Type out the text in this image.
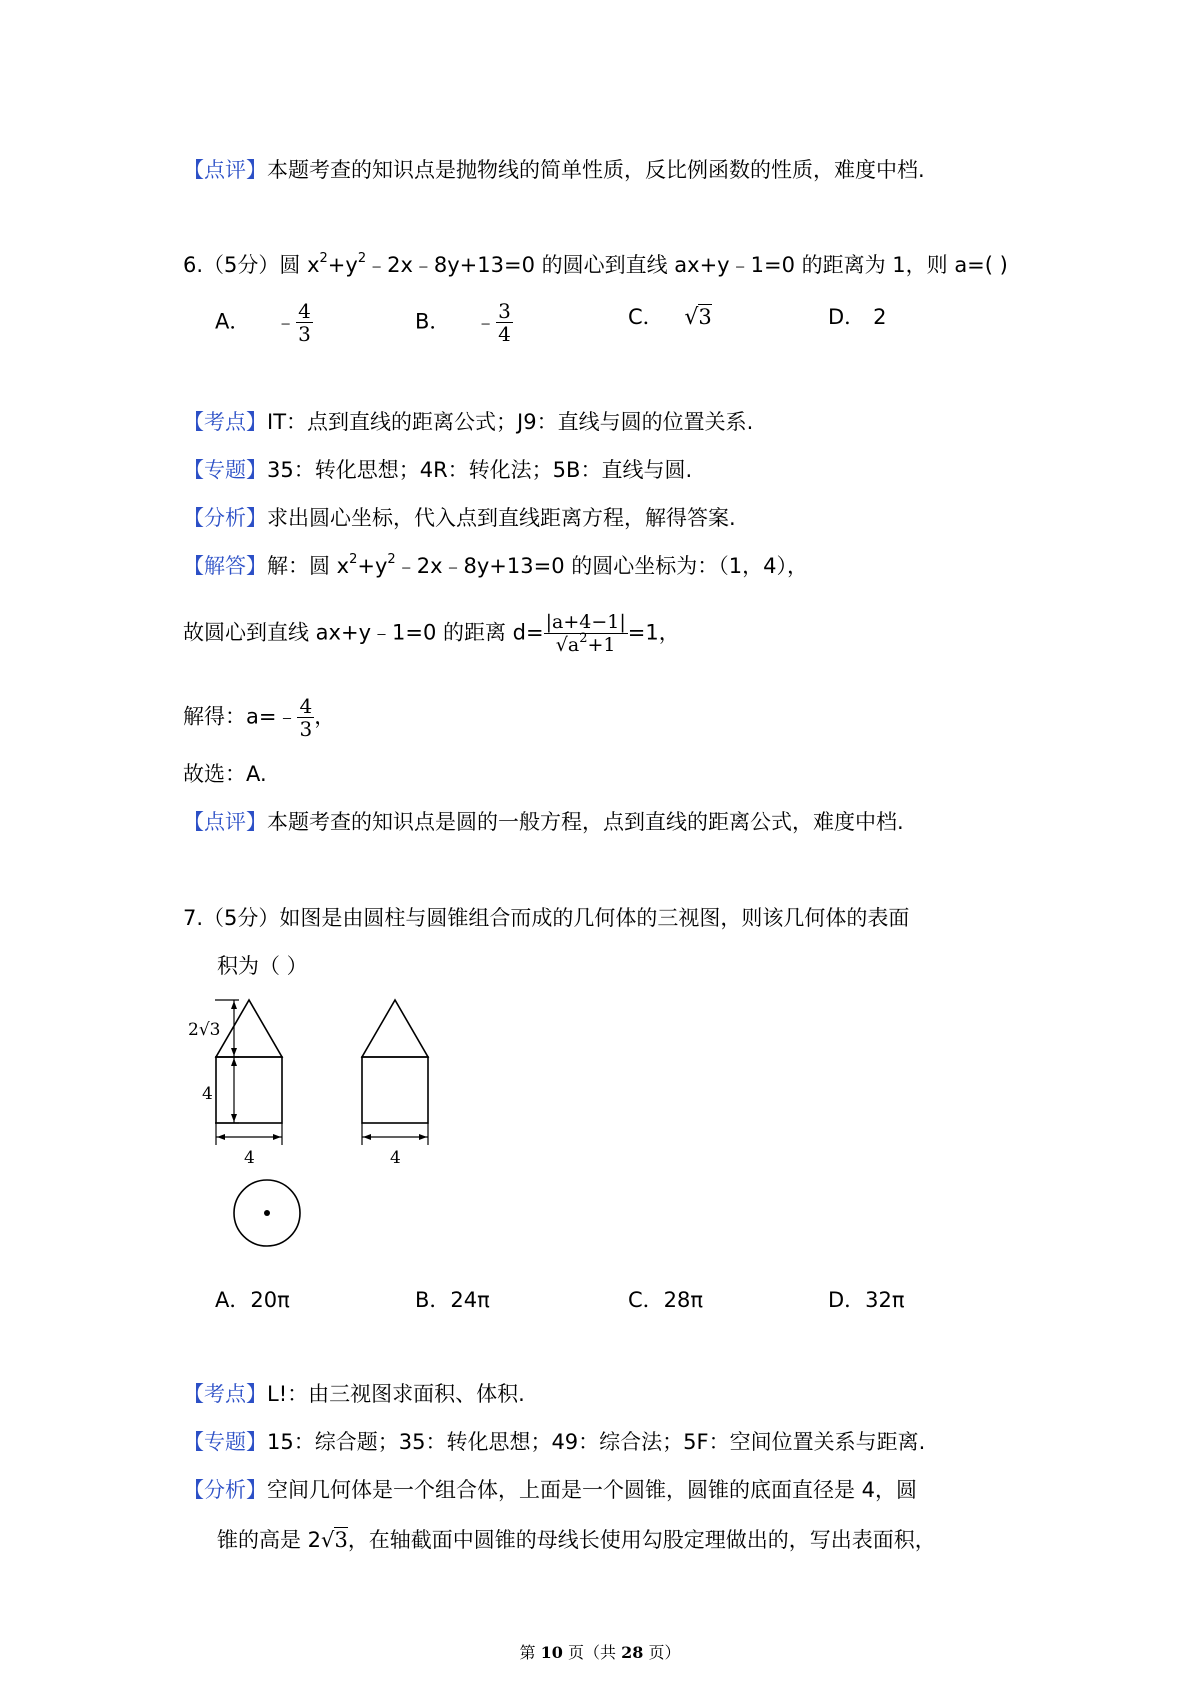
【点评】本题考查的知识点是抛物线的简单性质，反比例函数的性质，难度中档.
6.（5分）圆 $x^2+y^2﹣2x﹣8y+13=0$ 的圆心到直线 ax+y﹣1=0 的距离为 1，则 a=( )
A． ﹣ $\frac{4}{3}$	B． ﹣ $\frac{3}{4}$	C． √3	D． 2
【考点】IT：点到直线的距离公式；J9：直线与圆的位置关系.
【专题】35：转化思想；4R：转化法；5B：直线与圆.
【分析】求出圆心坐标，代入点到直线距离方程，解得答案.
【解答】解：圆 $x^2+y^2﹣2x﹣8y+13=0$ 的圆心坐标为：（1，4），
故圆心到直线 ax+y﹣1=0 的距离 $d= \frac{|a+4-1|}{√a^2+1} =1$，
解得：a=﹣ $\frac{4}{3}$ ，
故选：A.
【点评】本题考查的知识点是圆的一般方程，点到直线的距离公式，难度中档.
7.（5分）如图是由圆柱与圆锥组合而成的几何体的三视图，则该几何体的表面
积为（ ）
2√3
4
4	4
A．20π	B．24π	C．28π	D．32π
【考点】L!：由三视图求面积、体积.
【专题】15：综合题；35：转化思想；49：综合法；5F：空间位置关系与距离.
【分析】空间几何体是一个组合体，上面是一个圆锥，圆锥的底面直径是 4，圆
锥的高是 2√3，在轴截面中圆锥的母线长使用勾股定理做出的，写出表面积，
第 10 页（共 28 页）
